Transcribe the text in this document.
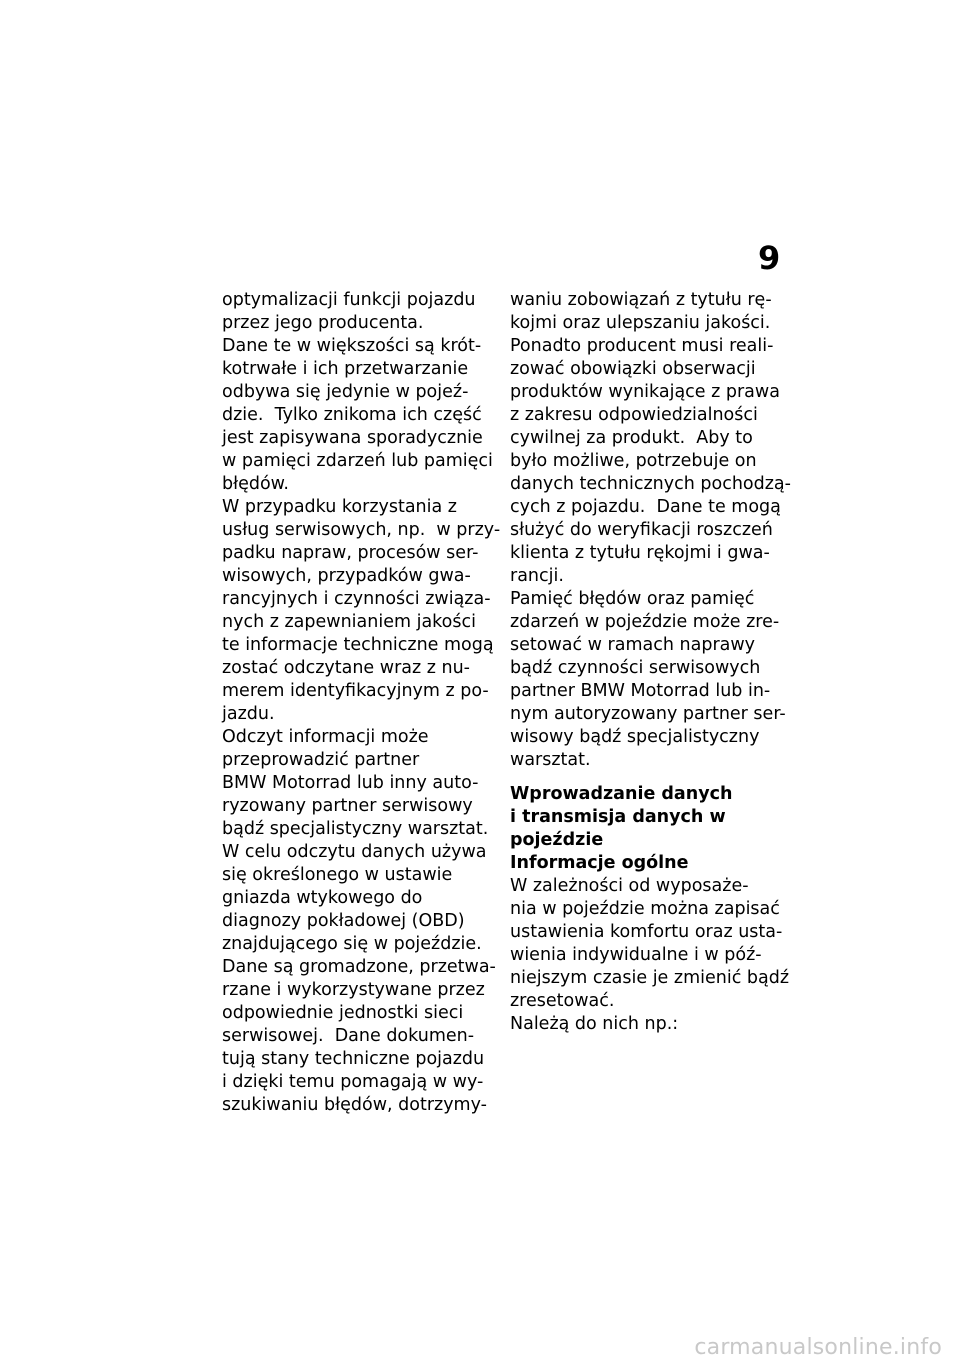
9
optymalizacji funkcji pojazdu
przez jego producenta.
Dane te w większości są krót-
kotrwałe i ich przetwarzanie
odbywa się jedynie w pojeź-
dzie.  Tylko znikoma ich część
jest zapisywana sporadycznie
w pamięci zdarzeń lub pamięci
błędów.
W przypadku korzystania z
usług serwisowych, np.  w przy-
padku napraw, procesów ser-
wisowych, przypadków gwa-
rancyjnych i czynności związa-
nych z zapewnianiem jakości
te informacje techniczne mogą
zostać odczytane wraz z nu-
merem identyfikacyjnym z po-
jazdu.
Odczyt informacji może
przeprowadzić partner
BMW Motorrad lub inny auto-
ryzowany partner serwisowy
bądź specjalistyczny warsztat.
W celu odczytu danych używa
się określonego w ustawie
gniazda wtykowego do
diagnozy pokładowej (OBD)
znajdującego się w pojeździe.
Dane są gromadzone, przetwa-
rzane i wykorzystywane przez
odpowiednie jednostki sieci
serwisowej.  Dane dokumen-
tują stany techniczne pojazdu
i dzięki temu pomagają w wy-
szukiwaniu błędów, dotrzymy-
waniu zobowiązań z tytułu rę-
kojmi oraz ulepszaniu jakości.
Ponadto producent musi reali-
zować obowiązki obserwacji
produktów wynikające z prawa
z zakresu odpowiedzialności
cywilnej za produkt.  Aby to
było możliwe, potrzebuje on
danych technicznych pochodzą-
cych z pojazdu.  Dane te mogą
służyć do weryfikacji roszczeń
klienta z tytułu rękojmi i gwa-
rancji.
Pamięć błędów oraz pamięć
zdarzeń w pojeździe może zre-
setować w ramach naprawy
bądź czynności serwisowych
partner BMW Motorrad lub in-
nym autoryzowany partner ser-
wisowy bądź specjalistyczny
warsztat.
Wprowadzanie danych
i transmisja danych w
pojeździe
Informacje ogólne
W zależności od wyposaże-
nia w pojeździe można zapisać
ustawienia komfortu oraz usta-
wienia indywidualne i w póź-
niejszym czasie je zmienić bądź
zresetować.
Należą do nich np.:
carmanualsonline.info
